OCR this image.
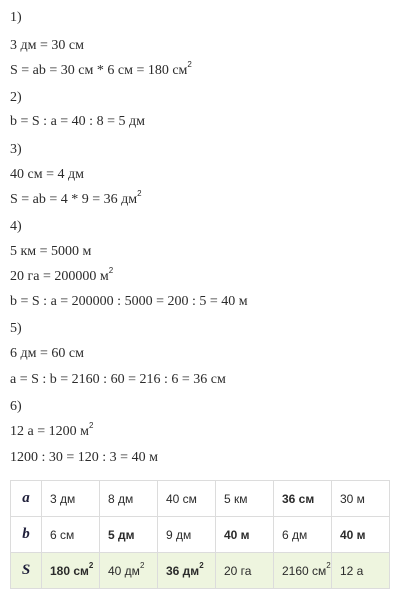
1)
3 дм = 30 см
S = ab = 30 см * 6 см = 180 $см^2$
2)
b = S : a = 40 : 8 = 5 дм
3)
40 см = 4 дм
S = ab = 4 * 9 = 36 $дм^2$
4)
5 км = 5000 м
20 га = 200000 $м^2$
b = S : a = 200000 : 5000 = 200 : 5 = 40 м
5)
6 дм = 60 см
a = S : b = 2160 : 60 = 216 : 6 = 36 см
6)
12 a = 1200 $м^2$
1200 : 30 = 120 : 3 = 40 м
a	3 дм	8 дм	40 см	5 км	36 см	30 м
b	6 см	5 дм	9 дм	40 м	6 дм	40 м
S	180 $см^2$	40 $дм^2$	36 $дм^2$	20 га	2160 $см^2$	12 а
